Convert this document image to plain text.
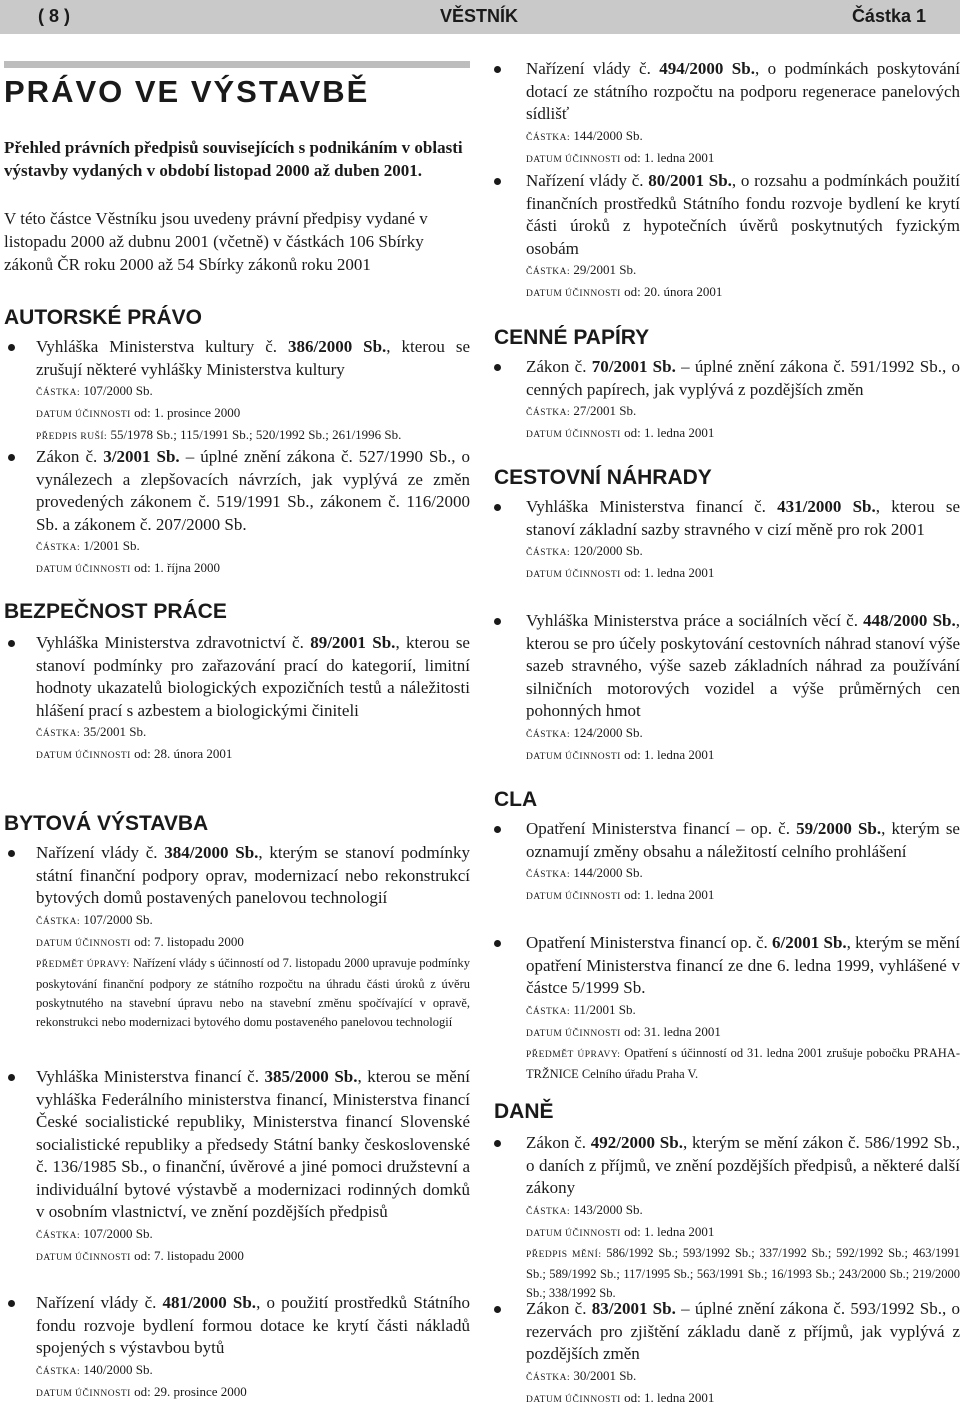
( 8 )	VĚSTNÍK	Částka 1
PRÁVO VE VÝSTAVBĚ

Přehled právních předpisů souvisejících s podnikáním v oblasti výstavby vydaných v období listopad 2000 až duben 2001.

V této částce Věstníku jsou uvedeny právní předpisy vydané v listopadu 2000 až dubnu 2001 (včetně) v částkách 106 Sbírky zákonů ČR roku 2000 až 54 Sbírky zákonů roku 2001

AUTORSKÉ PRÁVO
Vyhláška Ministerstva kultury č. 386/2000 Sb., kterou se zrušují některé vyhlášky Ministerstva kultury
ČÁSTKA: 107/2000 Sb.
DATUM ÚČINNOSTI od: 1. prosince 2000
PŘEDPIS RUŠÍ: 55/1978 Sb.; 115/1991 Sb.; 520/1992 Sb.; 261/1996 Sb.
Zákon č. 3/2001 Sb. – úplné znění zákona č. 527/1990 Sb., o vynálezech a zlepšovacích návrzích, jak vyplývá ze změn provedených zákonem č. 519/1991 Sb., zákonem č. 116/2000 Sb. a zákonem č. 207/2000 Sb.
ČÁSTKA: 1/2001 Sb.
DATUM ÚČINNOSTI od: 1. října 2000
BEZPEČNOST PRÁCE
Vyhláška Ministerstva zdravotnictví č. 89/2001 Sb., kterou se stanoví podmínky pro zařazování prací do kategorií, limitní hodnoty ukazatelů biologických expozičních testů a náležitosti hlášení prací s azbestem a biologickými činiteli
ČÁSTKA: 35/2001 Sb.
DATUM ÚČINNOSTI od: 28. února 2001
BYTOVÁ VÝSTAVBA
Nařízení vlády č. 384/2000 Sb., kterým se stanoví podmínky státní finanční podpory oprav, modernizací nebo rekonstrukcí bytových domů postavených panelovou technologií
ČÁSTKA: 107/2000 Sb.
DATUM ÚČINNOSTI od: 7. listopadu 2000
PŘEDMĚT ÚPRAVY: Nařízení vlády s účinností od 7. listopadu 2000 upravuje podmínky poskytování finanční podpory ze státního rozpočtu na úhradu části úroků z úvěru poskytnutého na stavební úpravu nebo na stavební změnu spočívající v opravě, rekonstrukci nebo modernizaci bytového domu postaveného panelovou technologií
Vyhláška Ministerstva financí č. 385/2000 Sb., kterou se mění vyhláška Federálního ministerstva financí, Ministerstva financí České socialistické republiky, Ministerstva financí Slovenské socialistické republiky a předsedy Státní banky československé č. 136/1985 Sb., o finanční, úvěrové a jiné pomoci družstevní a individuální bytové výstavbě a modernizaci rodinných domků v osobním vlastnictví, ve znění pozdějších předpisů
ČÁSTKA: 107/2000 Sb.
DATUM ÚČINNOSTI od: 7. listopadu 2000
Nařízení vlády č. 481/2000 Sb., o použití prostředků Státního fondu rozvoje bydlení formou dotace ke krytí části nákladů spojených s výstavbou bytů
ČÁSTKA: 140/2000 Sb.
DATUM ÚČINNOSTI od: 29. prosince 2000
Nařízení vlády č. 494/2000 Sb., o podmínkách poskytování dotací ze státního rozpočtu na podporu regenerace panelových sídlišť
ČÁSTKA: 144/2000 Sb.
DATUM ÚČINNOSTI od: 1. ledna 2001
Nařízení vlády č. 80/2001 Sb., o rozsahu a podmínkách použití finančních prostředků Státního fondu rozvoje bydlení ke krytí části úroků z hypotečních úvěrů poskytnutých fyzickým osobám
ČÁSTKA: 29/2001 Sb.
DATUM ÚČINNOSTI od: 20. února 2001
CENNÉ PAPÍRY
Zákon č. 70/2001 Sb. – úplné znění zákona č. 591/1992 Sb., o cenných papírech, jak vyplývá z pozdějších změn
ČÁSTKA: 27/2001 Sb.
DATUM ÚČINNOSTI od: 1. ledna 2001
CESTOVNÍ NÁHRADY
Vyhláška Ministerstva financí č. 431/2000 Sb., kterou se stanoví základní sazby stravného v cizí měně pro rok 2001
ČÁSTKA: 120/2000 Sb.
DATUM ÚČINNOSTI od: 1. ledna 2001
Vyhláška Ministerstva práce a sociálních věcí č. 448/2000 Sb., kterou se pro účely poskytování cestovních náhrad stanoví výše sazeb stravného, výše sazeb základních náhrad za používání silničních motorových vozidel a výše průměrných cen pohonných hmot
ČÁSTKA: 124/2000 Sb.
DATUM ÚČINNOSTI od: 1. ledna 2001
CLA
Opatření Ministerstva financí – op. č. 59/2000 Sb., kterým se oznamují změny obsahu a náležitostí celního prohlášení
ČÁSTKA: 144/2000 Sb.
DATUM ÚČINNOSTI od: 1. ledna 2001
Opatření Ministerstva financí op. č. 6/2001 Sb., kterým se mění opatření Ministerstva financí ze dne 6. ledna 1999, vyhlášené v částce 5/1999 Sb.
ČÁSTKA: 11/2001 Sb.
DATUM ÚČINNOSTI od: 31. ledna 2001
PŘEDMĚT ÚPRAVY: Opatření s účinností od 31. ledna 2001 zrušuje pobočku PRAHA-TRŽNICE Celního úřadu Praha V.
DANĚ
Zákon č. 492/2000 Sb., kterým se mění zákon č. 586/1992 Sb., o daních z příjmů, ve znění pozdějších předpisů, a některé další zákony
ČÁSTKA: 143/2000 Sb.
DATUM ÚČINNOSTI od: 1. ledna 2001
PŘEDPIS MĚNÍ: 586/1992 Sb.; 593/1992 Sb.; 337/1992 Sb.; 592/1992 Sb.; 463/1991 Sb.; 589/1992 Sb.; 117/1995 Sb.; 563/1991 Sb.; 16/1993 Sb.; 243/2000 Sb.; 219/2000 Sb.; 338/1992 Sb.
Zákon č. 83/2001 Sb. – úplné znění zákona č. 593/1992 Sb., o rezervách pro zjištění základu daně z příjmů, jak vyplývá z pozdějších změn
ČÁSTKA: 30/2001 Sb.
DATUM ÚČINNOSTI od: 1. ledna 2001
